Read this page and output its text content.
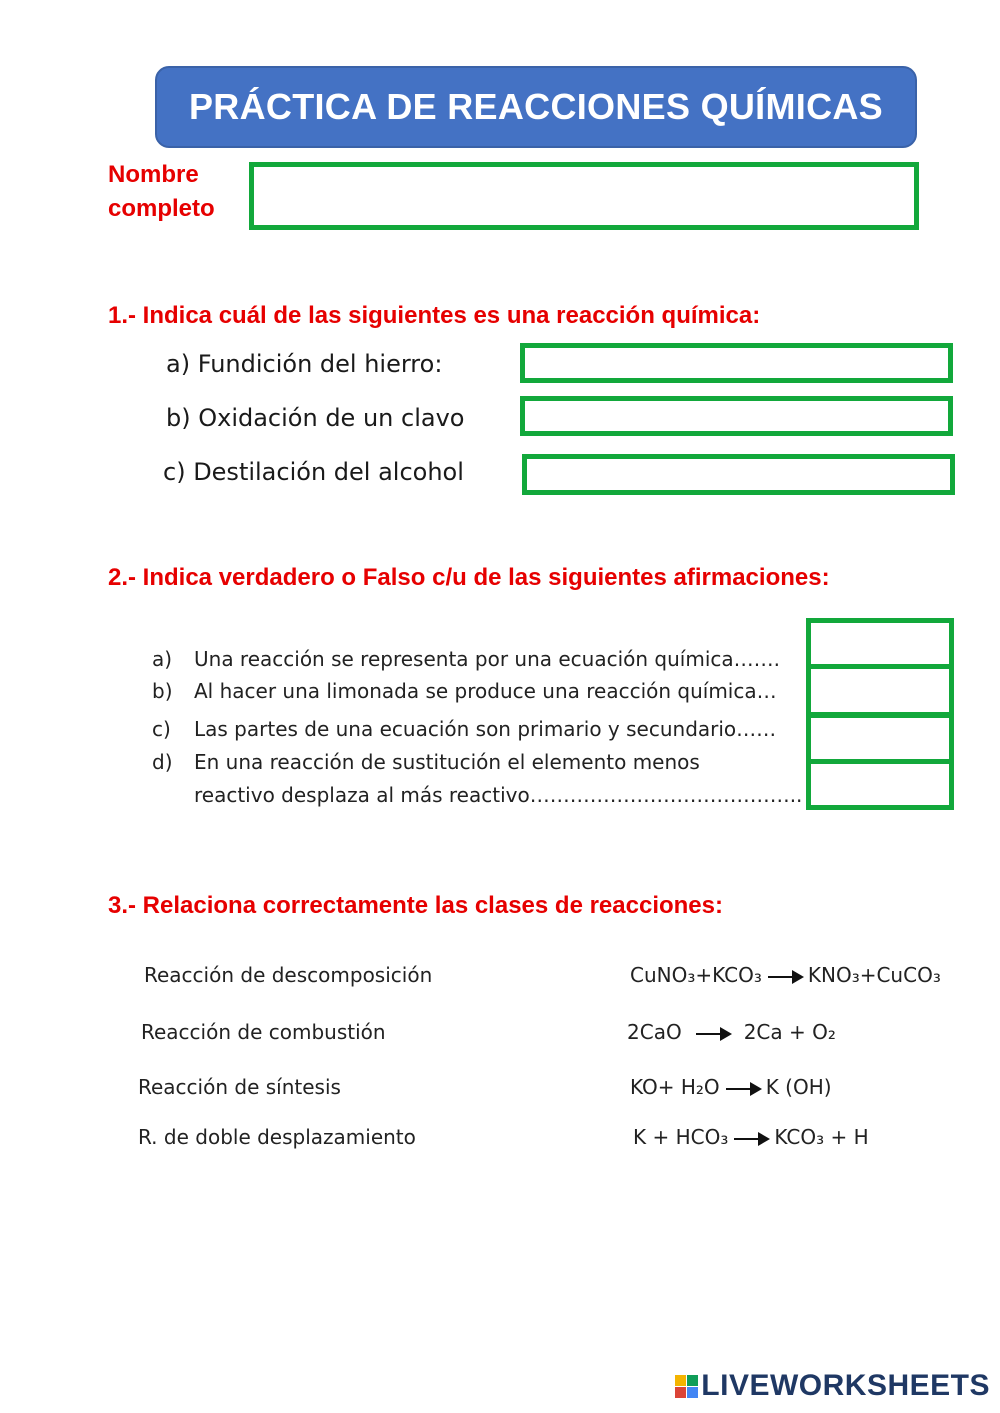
PRÁCTICA DE REACCIONES QUÍMICAS
Nombre
completo
1.- Indica cuál de las siguientes es una reacción química:
a) Fundición del hierro:
b) Oxidación de un clavo
c) Destilación del alcohol
2.- Indica verdadero o Falso c/u de las siguientes afirmaciones:
a) Una reacción se representa por una ecuación química…….
b) Al hacer una limonada se produce una reacción química…
c) Las partes de una ecuación son primario y secundario……
d) En una reacción de sustitución el elemento menos
reactivo desplaza al más reactivo…………………………………..
3.- Relaciona correctamente las clases de reacciones:
Reacción de descomposición
Reacción de combustión
Reacción de síntesis
R. de doble desplazamiento
CuNO₃+KCO₃ KNO₃+CuCO₃
2CaO	2Ca + O₂
KO+ H₂O K (OH)
K + HCO₃ KCO₃ + H
LIVEWORKSHEETS
